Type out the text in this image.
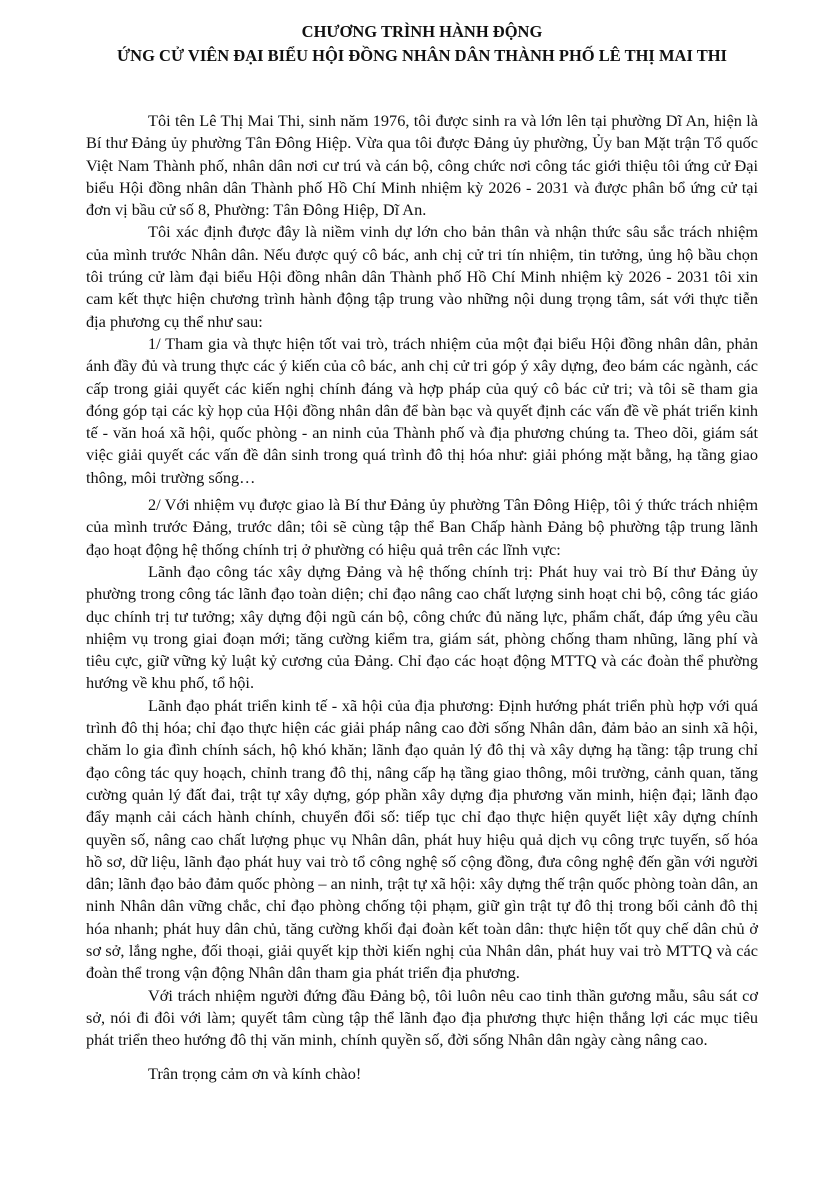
CHƯƠNG TRÌNH HÀNH ĐỘNG
ỨNG CỬ VIÊN ĐẠI BIỂU HỘI ĐỒNG NHÂN DÂN THÀNH PHỐ LÊ THỊ MAI THI

Tôi tên Lê Thị Mai Thi, sinh năm 1976, tôi được sinh ra và lớn lên tại phường Dĩ An, hiện là Bí thư Đảng ủy phường Tân Đông Hiệp. Vừa qua tôi được Đảng ủy phường, Ủy ban Mặt trận Tổ quốc Việt Nam Thành phố, nhân dân nơi cư trú và cán bộ, công chức nơi công tác giới thiệu tôi ứng cử Đại biểu Hội đồng nhân dân Thành phố Hồ Chí Minh nhiệm kỳ 2026 - 2031 và được phân bổ ứng cử tại đơn vị bầu cử số 8, Phường: Tân Đông Hiệp, Dĩ An.

Tôi xác định được đây là niềm vinh dự lớn cho bản thân và nhận thức sâu sắc trách nhiệm của mình trước Nhân dân. Nếu được quý cô bác, anh chị cử tri tín nhiệm, tin tưởng, ủng hộ bầu chọn tôi trúng cử làm đại biểu Hội đồng nhân dân Thành phố Hồ Chí Minh nhiệm kỳ 2026 - 2031 tôi xin cam kết thực hiện chương trình hành động tập trung vào những nội dung trọng tâm, sát với thực tiễn địa phương cụ thể như sau:

1/ Tham gia và thực hiện tốt vai trò, trách nhiệm của một đại biểu Hội đồng nhân dân, phản ánh đầy đủ và trung thực các ý kiến của cô bác, anh chị cử tri góp ý xây dựng, đeo bám các ngành, các cấp trong giải quyết các kiến nghị chính đáng và hợp pháp của quý cô bác cử tri; và tôi sẽ tham gia đóng góp tại các kỳ họp của Hội đồng nhân dân để bàn bạc và quyết định các vấn đề về phát triển kinh tế - văn hoá xã hội, quốc phòng - an ninh của Thành phố và địa phương chúng ta. Theo dõi, giám sát việc giải quyết các vấn đề dân sinh trong quá trình đô thị hóa như: giải phóng mặt bằng, hạ tầng giao thông, môi trường sống…

2/ Với nhiệm vụ được giao là Bí thư Đảng ủy phường Tân Đông Hiệp, tôi ý thức trách nhiệm của mình trước Đảng, trước dân; tôi sẽ cùng tập thể Ban Chấp hành Đảng bộ phường tập trung lãnh đạo hoạt động hệ thống chính trị ở phường có hiệu quả trên các lĩnh vực:

Lãnh đạo công tác xây dựng Đảng và hệ thống chính trị: Phát huy vai trò Bí thư Đảng ủy phường trong công tác lãnh đạo toàn diện; chỉ đạo nâng cao chất lượng sinh hoạt chi bộ, công tác giáo dục chính trị tư tưởng; xây dựng đội ngũ cán bộ, công chức đủ năng lực, phẩm chất, đáp ứng yêu cầu nhiệm vụ trong giai đoạn mới; tăng cường kiểm tra, giám sát, phòng chống tham nhũng, lãng phí và tiêu cực, giữ vững kỷ luật kỷ cương của Đảng. Chỉ đạo các hoạt động MTTQ và các đoàn thể phường hướng về khu phố, tổ hội.

Lãnh đạo phát triển kinh tế - xã hội của địa phương: Định hướng phát triển phù hợp với quá trình đô thị hóa; chỉ đạo thực hiện các giải pháp nâng cao đời sống Nhân dân, đảm bảo an sinh xã hội, chăm lo gia đình chính sách, hộ khó khăn; lãnh đạo quản lý đô thị và xây dựng hạ tầng: tập trung chỉ đạo công tác quy hoạch, chỉnh trang đô thị, nâng cấp hạ tầng giao thông, môi trường, cảnh quan, tăng cường quản lý đất đai, trật tự xây dựng, góp phần xây dựng địa phương văn minh, hiện đại; lãnh đạo đẩy mạnh cải cách hành chính, chuyển đổi số: tiếp tục chỉ đạo thực hiện quyết liệt xây dựng chính quyền số, nâng cao chất lượng phục vụ Nhân dân, phát huy hiệu quả dịch vụ công trực tuyến, số hóa hồ sơ, dữ liệu, lãnh đạo phát huy vai trò tổ công nghệ số cộng đồng, đưa công nghệ đến gần với người dân; lãnh đạo bảo đảm quốc phòng – an ninh, trật tự xã hội: xây dựng thế trận quốc phòng toàn dân, an ninh Nhân dân vững chắc, chỉ đạo phòng chống tội phạm, giữ gìn trật tự đô thị trong bối cảnh đô thị hóa nhanh; phát huy dân chủ, tăng cường khối đại đoàn kết toàn dân: thực hiện tốt quy chế dân chủ ở sơ sở, lắng nghe, đối thoại, giải quyết kịp thời kiến nghị của Nhân dân, phát huy vai trò MTTQ và các đoàn thể trong vận động Nhân dân tham gia phát triển địa phương.

Với trách nhiệm người đứng đầu Đảng bộ, tôi luôn nêu cao tinh thần gương mẫu, sâu sát cơ sở, nói đi đôi với làm; quyết tâm cùng tập thể lãnh đạo địa phương thực hiện thắng lợi các mục tiêu phát triển theo hướng đô thị văn minh, chính quyền số, đời sống Nhân dân ngày càng nâng cao.

Trân trọng cảm ơn và kính chào!
